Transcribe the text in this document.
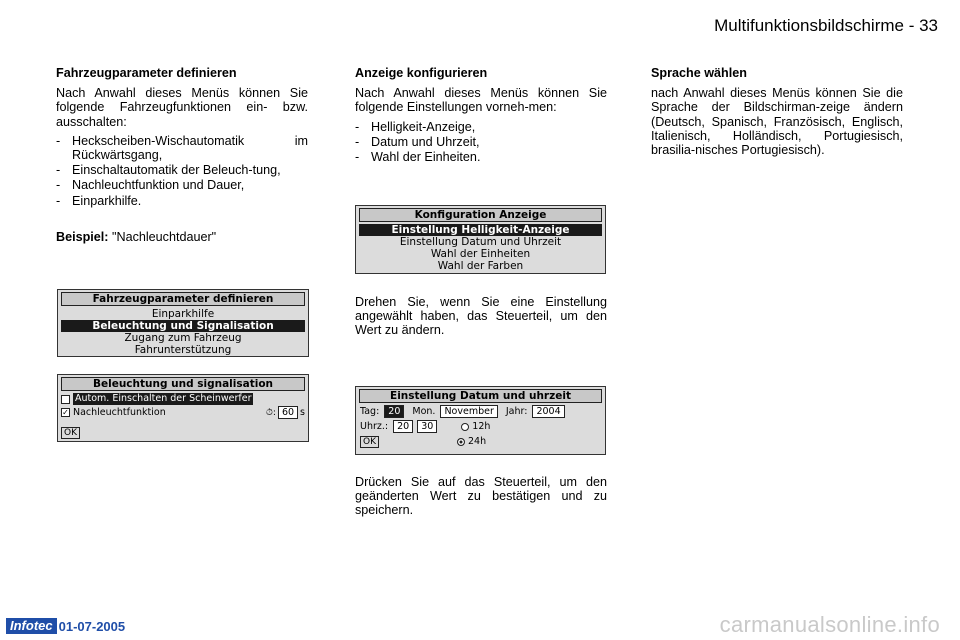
Multifunktionsbildschirme - 33
Fahrzeugparameter definieren
Nach Anwahl dieses Menüs können Sie folgende Fahrzeugfunktionen ein- bzw. ausschalten:
- Heckscheiben-Wischautomatik im Rückwärtsgang,
- Einschaltautomatik der Beleuch-tung,
- Nachleuchtfunktion und Dauer,
- Einparkhilfe.
Beispiel: "Nachleuchtdauer"
Anzeige konfigurieren
Nach Anwahl dieses Menüs können Sie folgende Einstellungen vorneh-men:
- Helligkeit-Anzeige,
- Datum und Uhrzeit,
- Wahl der Einheiten.
Sprache wählen
nach Anwahl dieses Menüs können Sie die Sprache der Bildschirman-zeige ändern (Deutsch, Spanisch, Französisch, Englisch, Italienisch, Holländisch, Portugiesisch, brasilia-nisches Portugiesisch).
Fahrzeugparameter definieren
Einparkhilfe
Beleuchtung und Signalisation
Zugang zum Fahrzeug
Fahrunterstützung
Beleuchtung und signalisation
Autom. Einschalten der Scheinwerfer
✓ Nachleuchtfunktion	⏱: 60 s
OK
Konfiguration Anzeige
Einstellung Helligkeit-Anzeige
Einstellung Datum und Uhrzeit
Wahl der Einheiten
Wahl der Farben
Drehen Sie, wenn Sie eine Einstellung angewählt haben, das Steuerteil, um den Wert zu ändern.
Einstellung Datum und uhrzeit
Tag: 20	Mon. November	Jahr: 2004
Uhrz.: 20	30	12h
OK	24h
Drücken Sie auf das Steuerteil, um den geänderten Wert zu bestätigen und zu speichern.
Infotec 01-07-2005	carmanualsonline.info
